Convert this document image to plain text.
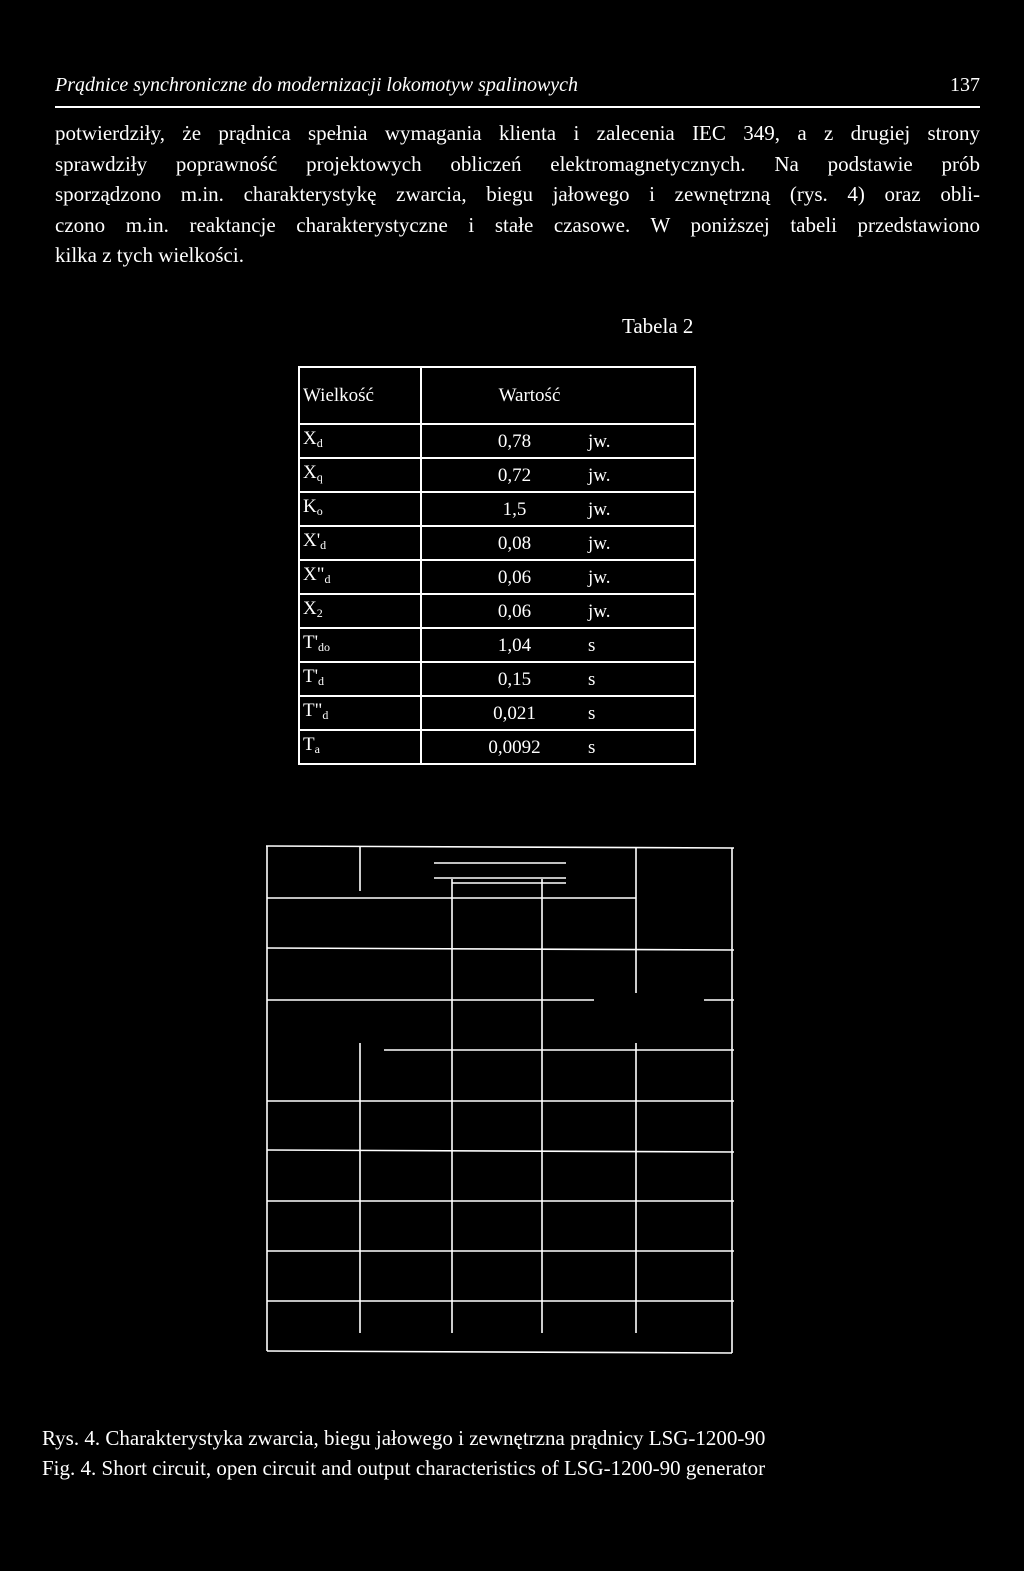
Prądnice synchroniczne do modernizacji lokomotyw spalinowych	137
potwierdziły, że prądnica spełnia wymagania klienta i zalecenia IEC 349, a z drugiej strony
sprawdziły poprawność projektowych obliczeń elektromagnetycznych. Na podstawie prób
sporządzono m.in. charakterystykę zwarcia, biegu jałowego i zewnętrzną (rys. 4) oraz obli-
czono m.in. reaktancje charakterystyczne i stałe czasowe. W poniższej tabeli przedstawiono
kilka z tych wielkości.
Tabela 2
Wielkość	Wartość
$X_d$	0,78 jw.
$X_q$	0,72 jw.
$K_o$	1,5 jw.
$X'_d$	0,08 jw.
$X"_d$	0,06 jw.
$X_2$	0,06 jw.
$T'_{do}$	1,04 s
$T'_d$	0,15 s
$T"_d$	0,021 s
$T_a$	0,0092 s
Rys. 4. Charakterystyka zwarcia, biegu jałowego i zewnętrzna prądnicy LSG-1200-90
Fig. 4. Short circuit, open circuit and output characteristics of LSG-1200-90 generator
